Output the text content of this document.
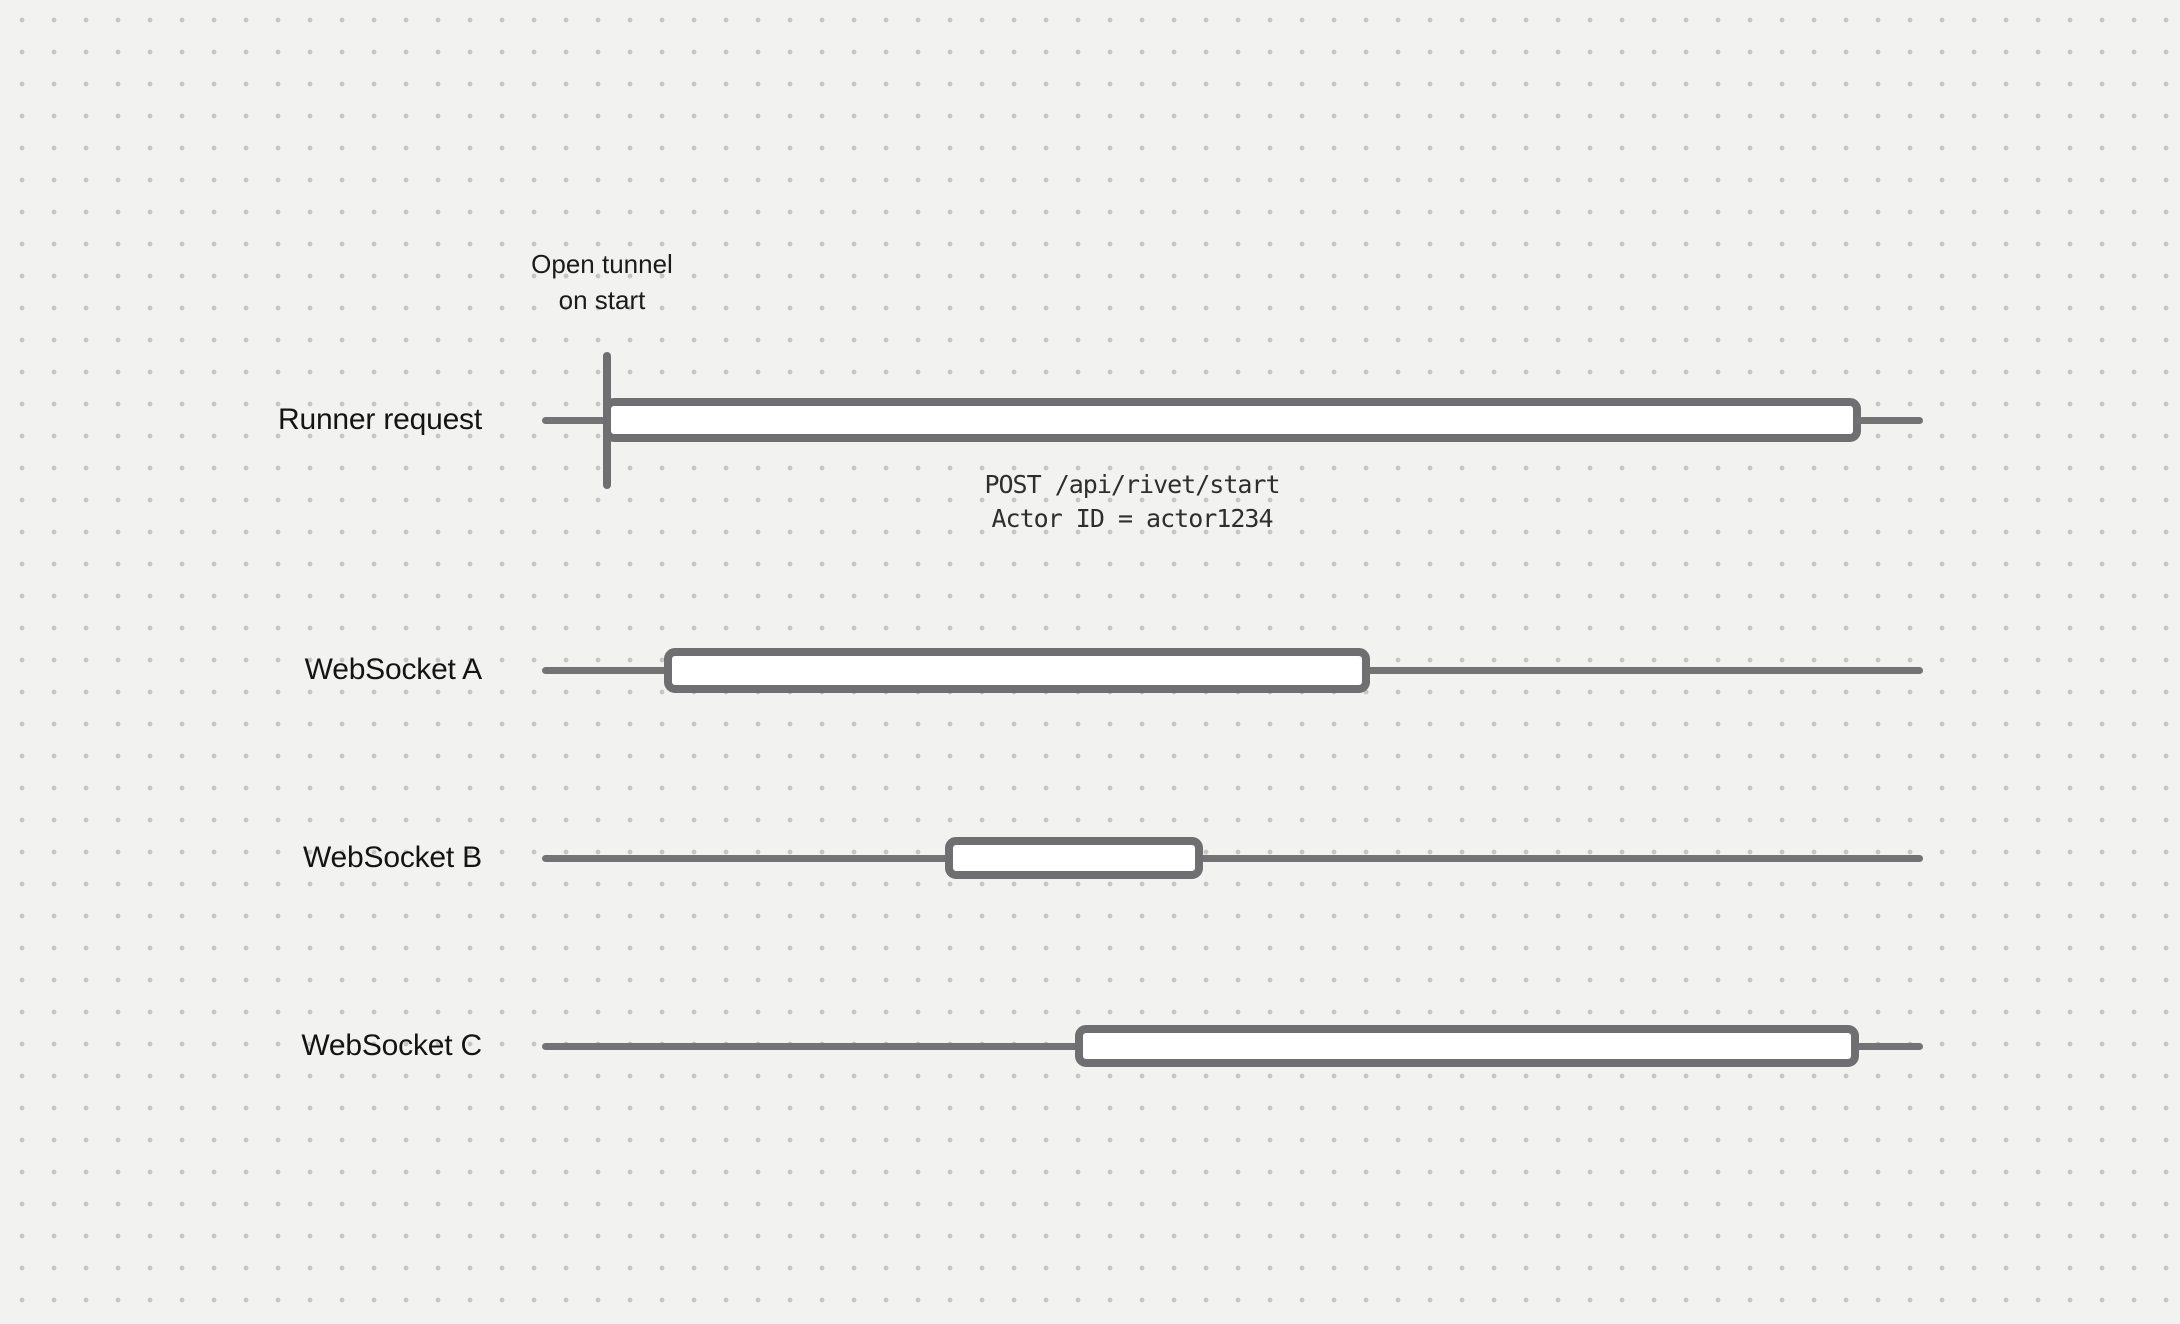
Runner request
Open tunnel
on start
POST /api/rivet/start
Actor ID = actor1234
WebSocket A
WebSocket B
WebSocket C
